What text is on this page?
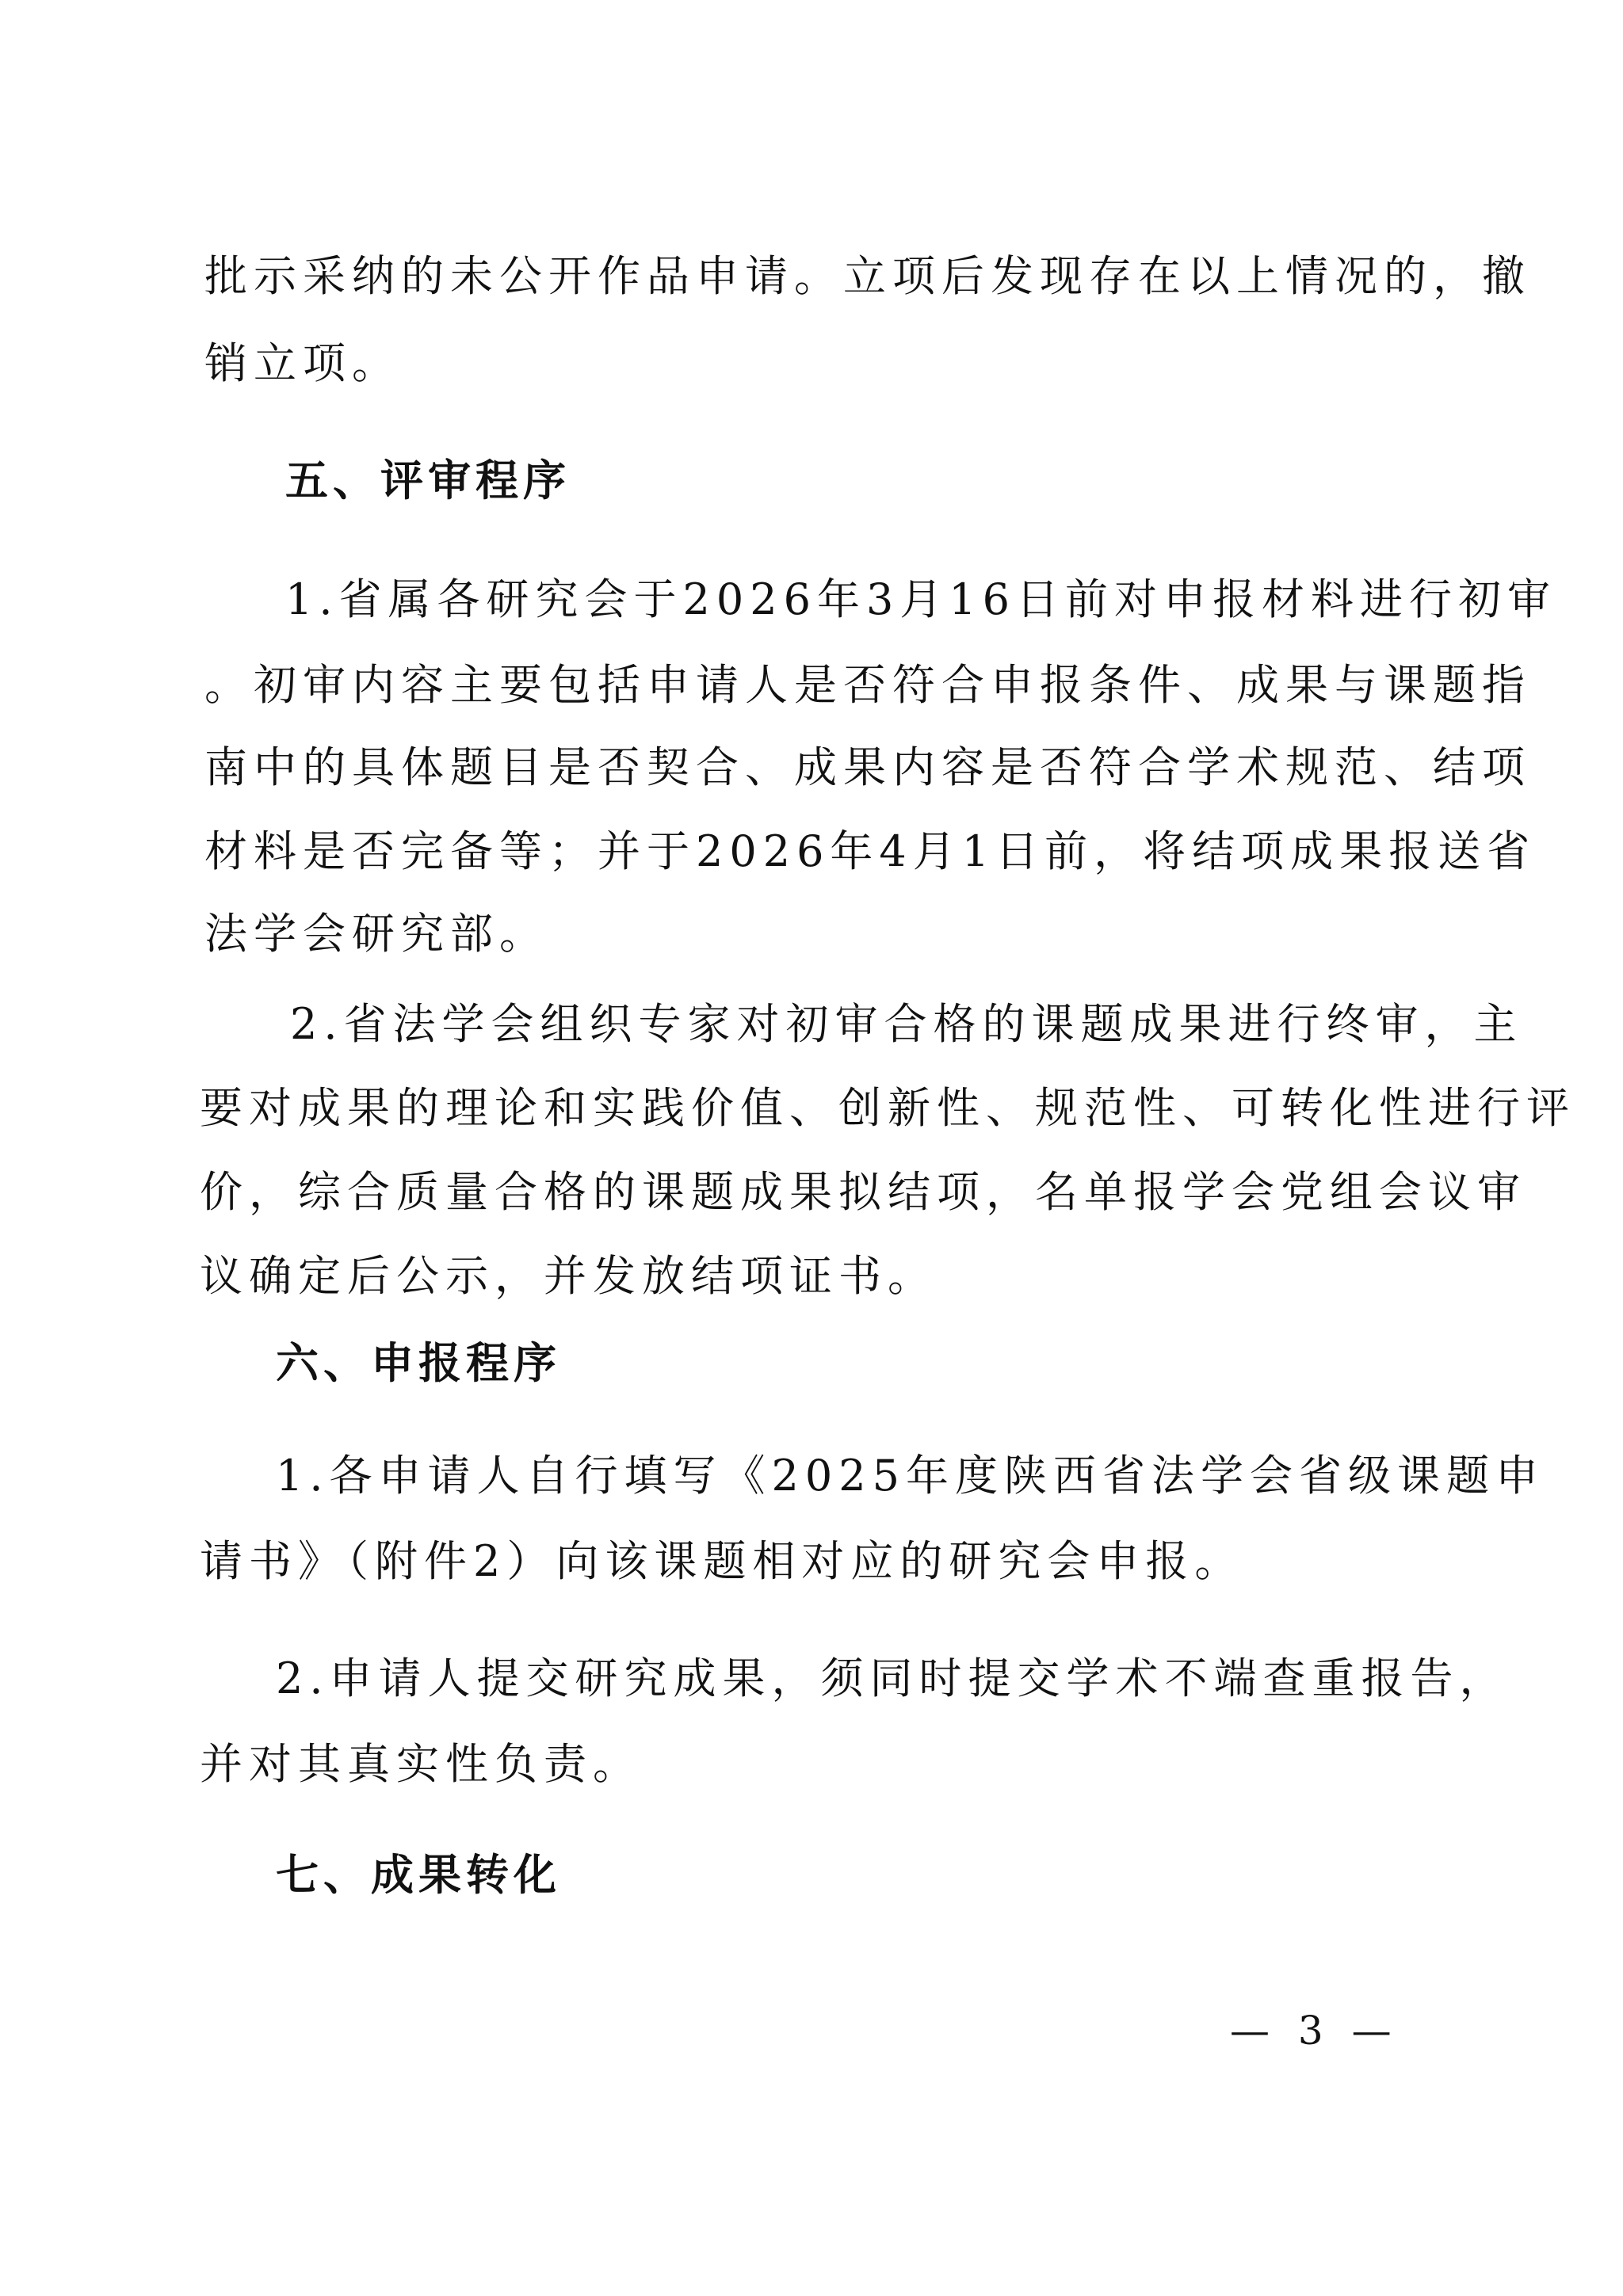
批示采纳的未公开作品申请。立项后发现存在以上情况的，撤
销立项。
五、评审程序
1.省属各研究会于2026年3月16日前对申报材料进行初审
。初审内容主要包括申请人是否符合申报条件、成果与课题指
南中的具体题目是否契合、成果内容是否符合学术规范、结项
材料是否完备等；并于2026年4月1日前，将结项成果报送省
法学会研究部。
2.省法学会组织专家对初审合格的课题成果进行终审，主
要对成果的理论和实践价值、创新性、规范性、可转化性进行评
价，综合质量合格的课题成果拟结项，名单报学会党组会议审
议确定后公示，并发放结项证书。
六、申报程序
1.各申请人自行填写《2025年度陕西省法学会省级课题申
请书》（附件2）向该课题相对应的研究会申报。
2.申请人提交研究成果，须同时提交学术不端查重报告，
并对其真实性负责。
七、成果转化
— 3 —
